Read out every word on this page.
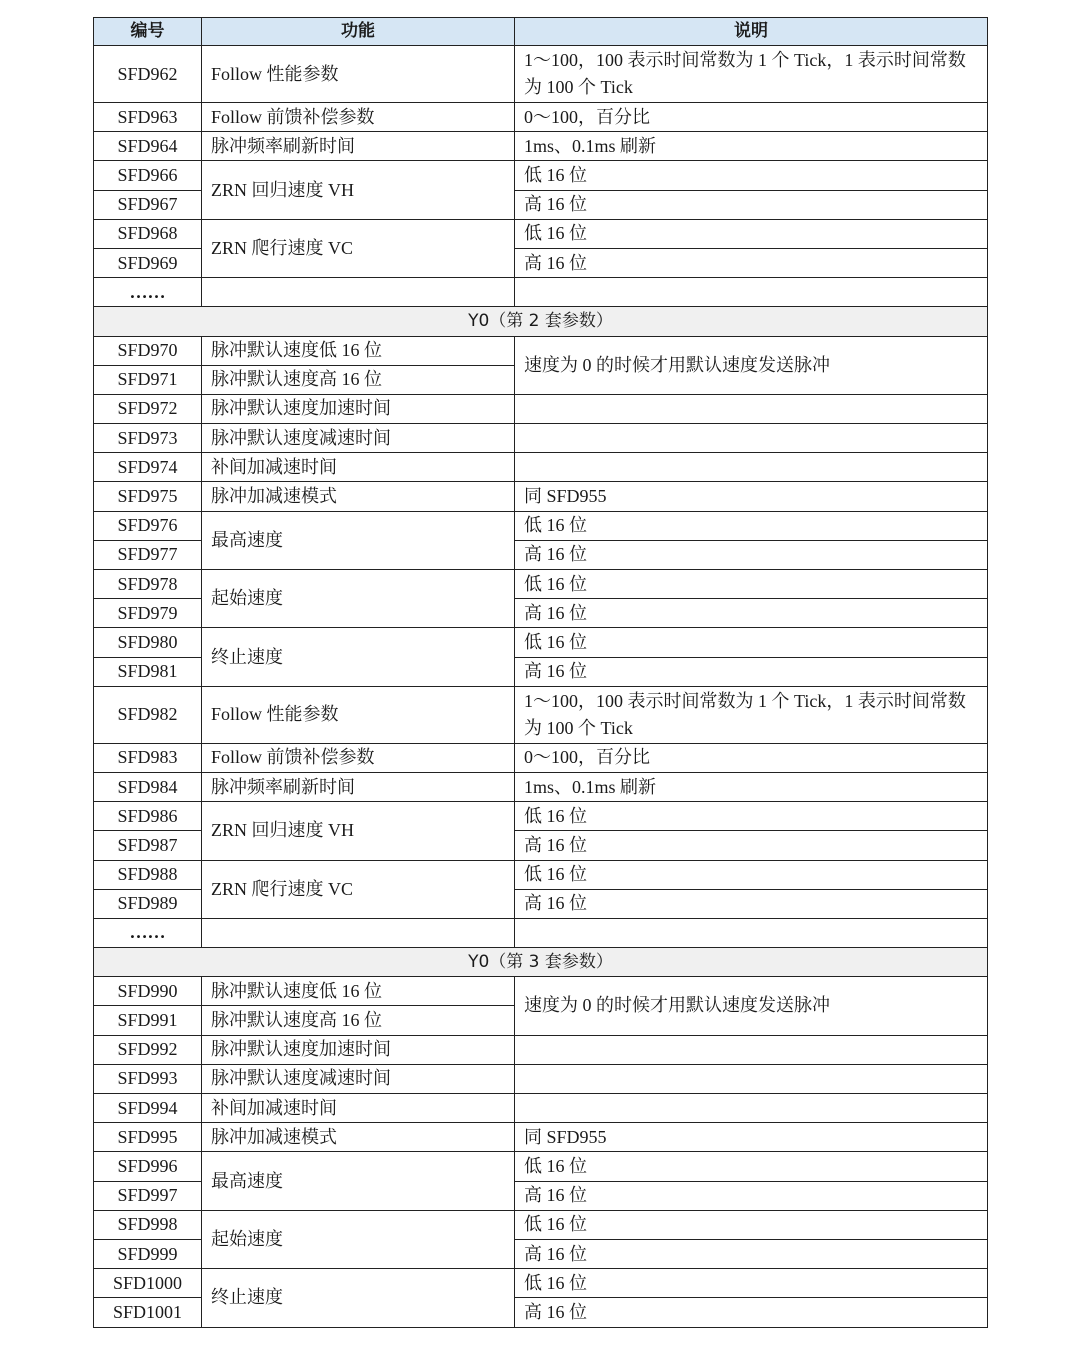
编号	功能	说明
SFD962	Follow 性能参数	1～100，100 表示时间常数为 1 个 Tick，1 表示时间常数为 100 个 Tick
SFD963	Follow 前馈补偿参数	0～100，百分比
SFD964	脉冲频率刷新时间	1ms、0.1ms 刷新
SFD966	ZRN 回归速度 VH	低 16 位
SFD967		高 16 位
SFD968	ZRN 爬行速度 VC	低 16 位
SFD969		高 16 位
……		
Y0（第 2 套参数）		
SFD970	脉冲默认速度低 16 位	速度为 0 的时候才用默认速度发送脉冲
SFD971	脉冲默认速度高 16 位	
SFD972	脉冲默认速度加速时间	
SFD973	脉冲默认速度减速时间	
SFD974	补间加减速时间	
SFD975	脉冲加减速模式	同 SFD955
SFD976	最高速度	低 16 位
SFD977		高 16 位
SFD978	起始速度	低 16 位
SFD979		高 16 位
SFD980	终止速度	低 16 位
SFD981		高 16 位
SFD982	Follow 性能参数	1～100，100 表示时间常数为 1 个 Tick，1 表示时间常数为 100 个 Tick
SFD983	Follow 前馈补偿参数	0～100，百分比
SFD984	脉冲频率刷新时间	1ms、0.1ms 刷新
SFD986	ZRN 回归速度 VH	低 16 位
SFD987		高 16 位
SFD988	ZRN 爬行速度 VC	低 16 位
SFD989		高 16 位
……		
Y0（第 3 套参数）		
SFD990	脉冲默认速度低 16 位	速度为 0 的时候才用默认速度发送脉冲
SFD991	脉冲默认速度高 16 位	
SFD992	脉冲默认速度加速时间	
SFD993	脉冲默认速度减速时间	
SFD994	补间加减速时间	
SFD995	脉冲加减速模式	同 SFD955
SFD996	最高速度	低 16 位
SFD997		高 16 位
SFD998	起始速度	低 16 位
SFD999		高 16 位
SFD1000	终止速度	低 16 位
SFD1001		高 16 位
